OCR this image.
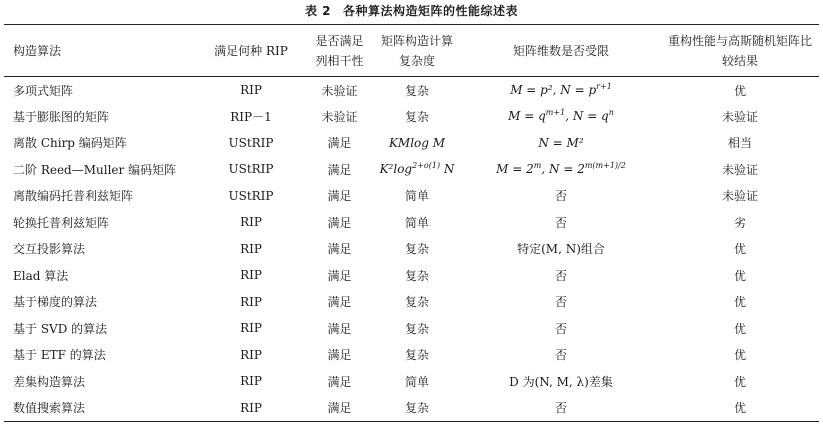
表 2 各种算法构造矩阵的性能综述表
构造算法	满足何种 RIP	是否满足列相干性	矩阵构造计算复杂度	矩阵维数是否受限	重构性能与高斯随机矩阵比较结果
多项式矩阵	RIP	未验证	复杂	M = p², $N = p^{r+1}$	优
基于膨胀图的矩阵	RIP－1	未验证	复杂	$M = q^{m+1}$, $N = q^n$	未验证
离散 Chirp 编码矩阵	UStRIP	满足	KMlog M	N = M²	相当
二阶 Reed—Muller 编码矩阵	UStRIP	满足	$K^2\log^{2+o(1)}$ N	$M = 2^m$, $N = 2^{m(m+1)/2}$	未验证
离散编码托普利兹矩阵	UStRIP	满足	简单	否	未验证
轮换托普利兹矩阵	RIP	满足	简单	否	劣
交互投影算法	RIP	满足	复杂	特定(M, N)组合	优
Elad 算法	RIP	满足	复杂	否	优
基于梯度的算法	RIP	满足	复杂	否	优
基于 SVD 的算法	RIP	满足	复杂	否	优
基于 ETF 的算法	RIP	满足	复杂	否	优
差集构造算法	RIP	满足	简单	D 为(N, M, λ)差集	优
数值搜索算法	RIP	满足	复杂	否	优
